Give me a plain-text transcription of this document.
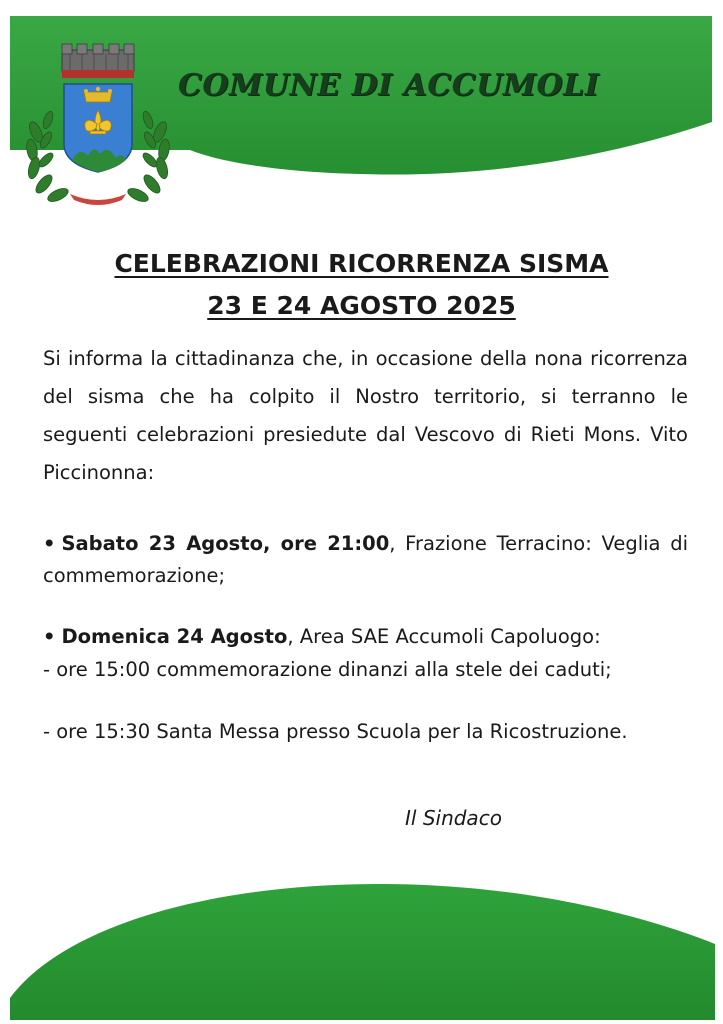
COMUNE DI ACCUMOLI
CELEBRAZIONI RICORRENZA SISMA
23 E 24 AGOSTO 2025

Si informa la cittadinanza che, in occasione della nona ricorrenza del sisma che ha colpito il Nostro territorio, si terranno le seguenti celebrazioni presiedute dal Vescovo di Rieti Mons. Vito Piccinonna:

• Sabato 23 Agosto, ore 21:00, Frazione Terracino: Veglia di commemorazione;

• Domenica 24 Agosto, Area SAE Accumoli Capoluogo:

- ore 15:00 commemorazione dinanzi alla stele dei caduti;

- ore 15:30 Santa Messa presso Scuola per la Ricostruzione.

Il Sindaco
